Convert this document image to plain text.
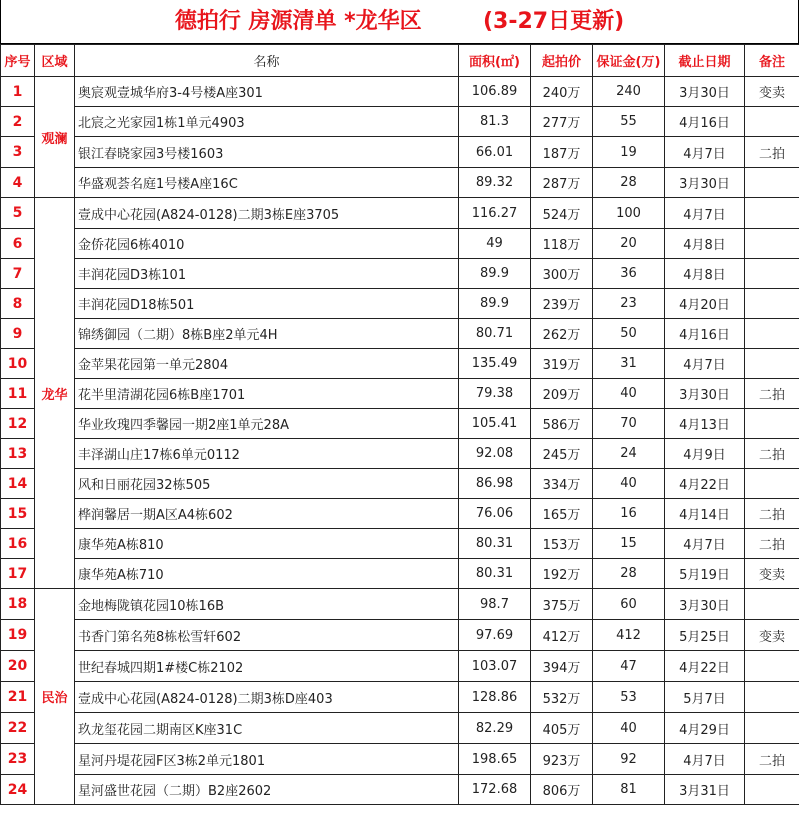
德拍行 房源清单 *龙华区        (3-27日更新)
序号	区域	名称	面积(㎡)	起拍价	保证金(万)	截止日期	备注
1	观澜	奥宸观壹城华府3-4号楼A座301	106.89	240万	240	3月30日	变卖
2		北宸之光家园1栋1单元4903	81.3	277万	55	4月16日	
3		银江春晓家园3号楼1603	66.01	187万	19	4月7日	二拍
4		华盛观荟名庭1号楼A座16C	89.32	287万	28	3月30日	
5	龙华	壹成中心花园(A824-0128)二期3栋E座3705	116.27	524万	100	4月7日	
6		金侨花园6栋4010	49	118万	20	4月8日	
7		丰润花园D3栋101	89.9	300万	36	4月8日	
8		丰润花园D18栋501	89.9	239万	23	4月20日	
9		锦绣御园（二期）8栋B座2单元4H	80.71	262万	50	4月16日	
10		金苹果花园第一单元2804	135.49	319万	31	4月7日	
11		花半里清湖花园6栋B座1701	79.38	209万	40	3月30日	二拍
12		华业玫瑰四季馨园一期2座1单元28A	105.41	586万	70	4月13日	
13		丰泽湖山庄17栋6单元0112	92.08	245万	24	4月9日	二拍
14		风和日丽花园32栋505	86.98	334万	40	4月22日	
15		桦润馨居一期A区A4栋602	76.06	165万	16	4月14日	二拍
16		康华苑A栋810	80.31	153万	15	4月7日	二拍
17		康华苑A栋710	80.31	192万	28	5月19日	变卖
18	民治	金地梅陇镇花园10栋16B	98.7	375万	60	3月30日	
19		书香门第名苑8栋松雪轩602	97.69	412万	412	5月25日	变卖
20		世纪春城四期1#楼C栋2102	103.07	394万	47	4月22日	
21		壹成中心花园(A824-0128)二期3栋D座403	128.86	532万	53	5月7日	
22		玖龙玺花园二期南区K座31C	82.29	405万	40	4月29日	
23		星河丹堤花园F区3栋2单元1801	198.65	923万	92	4月7日	二拍
24		星河盛世花园（二期）B2座2602	172.68	806万	81	3月31日	
